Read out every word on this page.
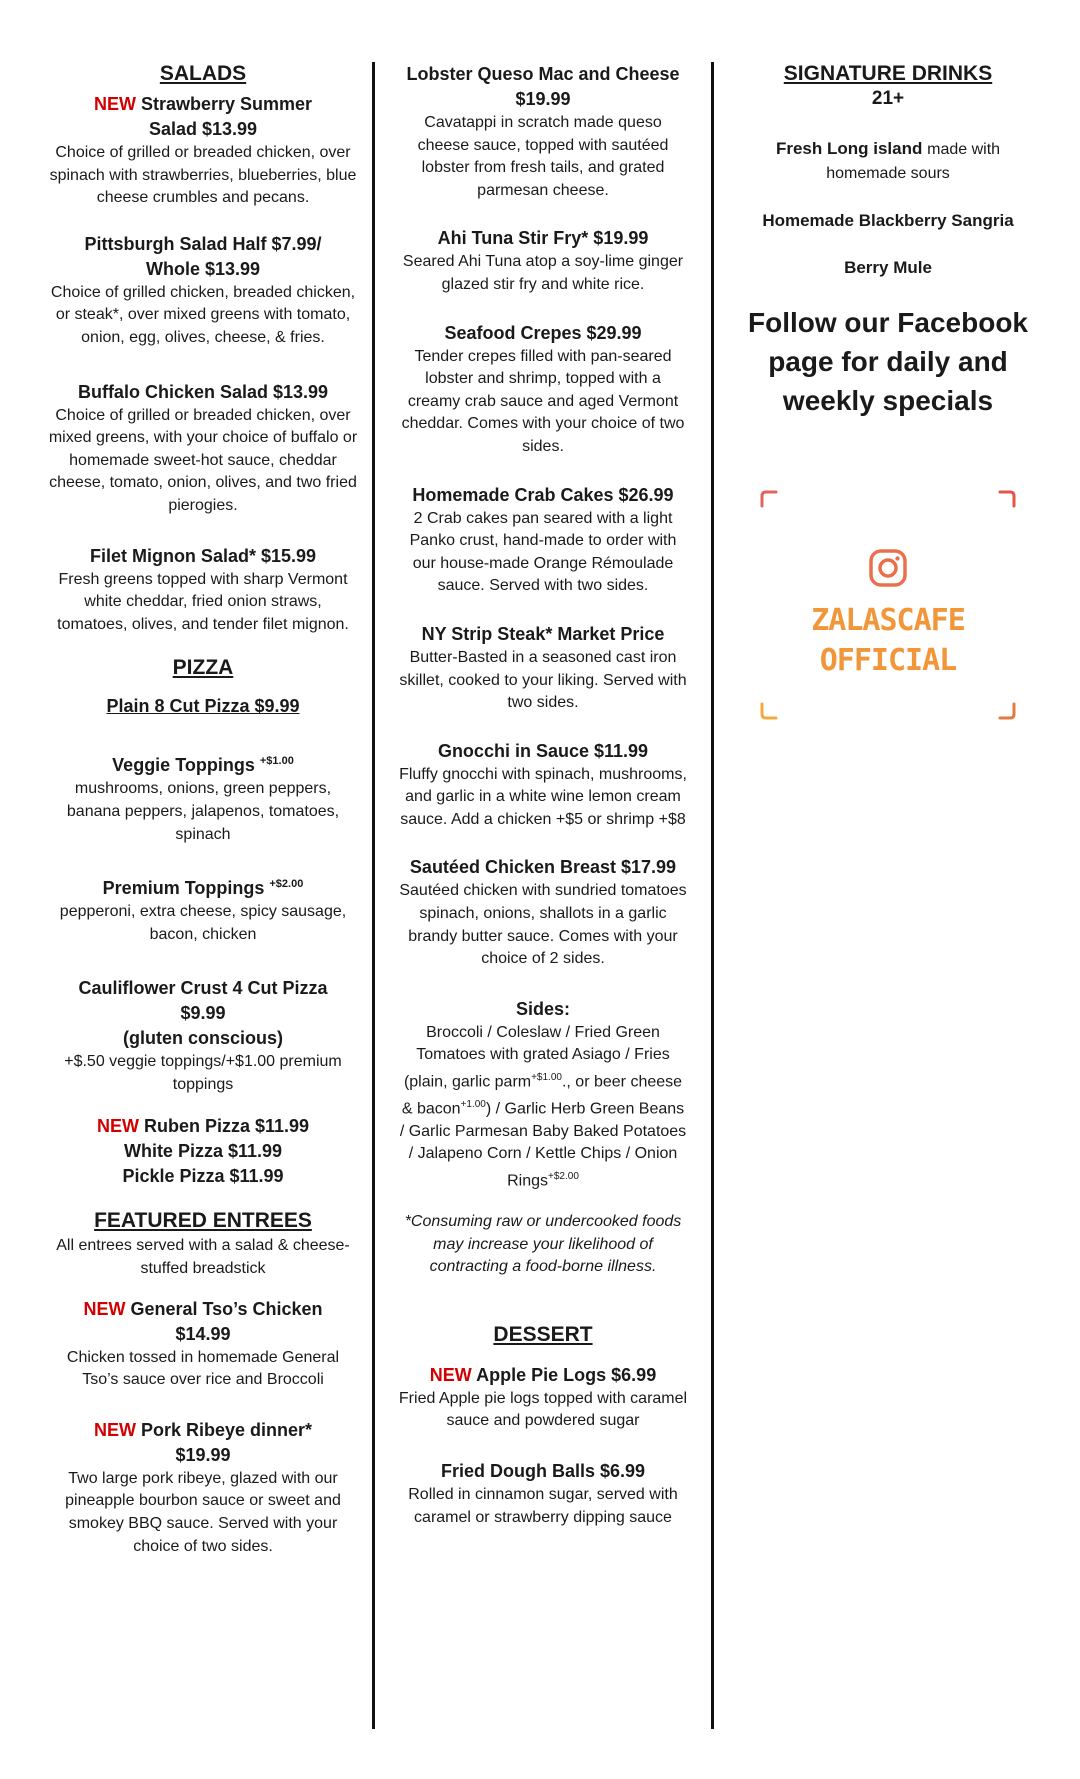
SALADS
NEW Strawberry Summer
Salad $13.99
Choice of grilled or breaded chicken, over spinach with strawberries, blueberries, blue cheese crumbles and pecans.
Pittsburgh Salad Half $7.99/
Whole $13.99
Choice of grilled chicken, breaded chicken, or steak*, over mixed greens with tomato, onion, egg, olives, cheese, & fries.
Buffalo Chicken Salad $13.99
Choice of grilled or breaded chicken, over mixed greens, with your choice of buffalo or homemade sweet-hot sauce, cheddar cheese, tomato, onion, olives, and two fried pierogies.
Filet Mignon Salad* $15.99
Fresh greens topped with sharp Vermont white cheddar, fried onion straws, tomatoes, olives, and tender filet mignon.
PIZZA
Plain 8 Cut Pizza $9.99
Veggie Toppings $^{+\$1.00}$
mushrooms, onions, green peppers, banana peppers, jalapenos, tomatoes, spinach
Premium Toppings $^{+\$2.00}$
pepperoni, extra cheese, spicy sausage, bacon, chicken
Cauliflower Crust 4 Cut Pizza
$9.99
(gluten conscious)
+$.50 veggie toppings/+$1.00 premium toppings
NEW Ruben Pizza $11.99
White Pizza $11.99
Pickle Pizza $11.99
FEATURED ENTREES
All entrees served with a salad & cheese-stuffed breadstick
NEW General Tso’s Chicken
$14.99
Chicken tossed in homemade General Tso’s sauce over rice and Broccoli
NEW Pork Ribeye dinner*
$19.99
Two large pork ribeye, glazed with our pineapple bourbon sauce or sweet and smokey BBQ sauce. Served with your choice of two sides.
Lobster Queso Mac and Cheese
$19.99
Cavatappi in scratch made queso cheese sauce, topped with sautéed lobster from fresh tails, and grated parmesan cheese.
Ahi Tuna Stir Fry* $19.99
Seared Ahi Tuna atop a soy-lime ginger glazed stir fry and white rice.
Seafood Crepes $29.99
Tender crepes filled with pan-seared lobster and shrimp, topped with a creamy crab sauce and aged Vermont cheddar. Comes with your choice of two sides.
Homemade Crab Cakes $26.99
2 Crab cakes pan seared with a light Panko crust, hand-made to order with our house-made Orange Rémoulade sauce. Served with two sides.
NY Strip Steak* Market Price
Butter-Basted in a seasoned cast iron skillet, cooked to your liking. Served with two sides.
Gnocchi in Sauce $11.99
Fluffy gnocchi with spinach, mushrooms, and garlic in a white wine lemon cream sauce. Add a chicken +$5 or shrimp +$8
Sautéed Chicken Breast $17.99
Sautéed chicken with sundried tomatoes spinach, onions, shallots in a garlic brandy butter sauce. Comes with your choice of 2 sides.
Sides:
Broccoli / Coleslaw / Fried Green Tomatoes with grated Asiago / Fries (plain, garlic parm$^{+\$1.00}$., or beer cheese & bacon$^{+1.00}$) / Garlic Herb Green Beans / Garlic Parmesan Baby Baked Potatoes / Jalapeno Corn / Kettle Chips / Onion Rings$^{+\$2.00}$
*Consuming raw or undercooked foods may increase your likelihood of contracting a food-borne illness.
DESSERT
NEW Apple Pie Logs $6.99
Fried Apple pie logs topped with caramel sauce and powdered sugar
Fried Dough Balls $6.99
Rolled in cinnamon sugar, served with caramel or strawberry dipping sauce
SIGNATURE DRINKS
21+
Fresh Long island made with homemade sours
Homemade Blackberry Sangria
Berry Mule
Follow our Facebook page for daily and weekly specials
ZALASCAFE
OFFICIAL
